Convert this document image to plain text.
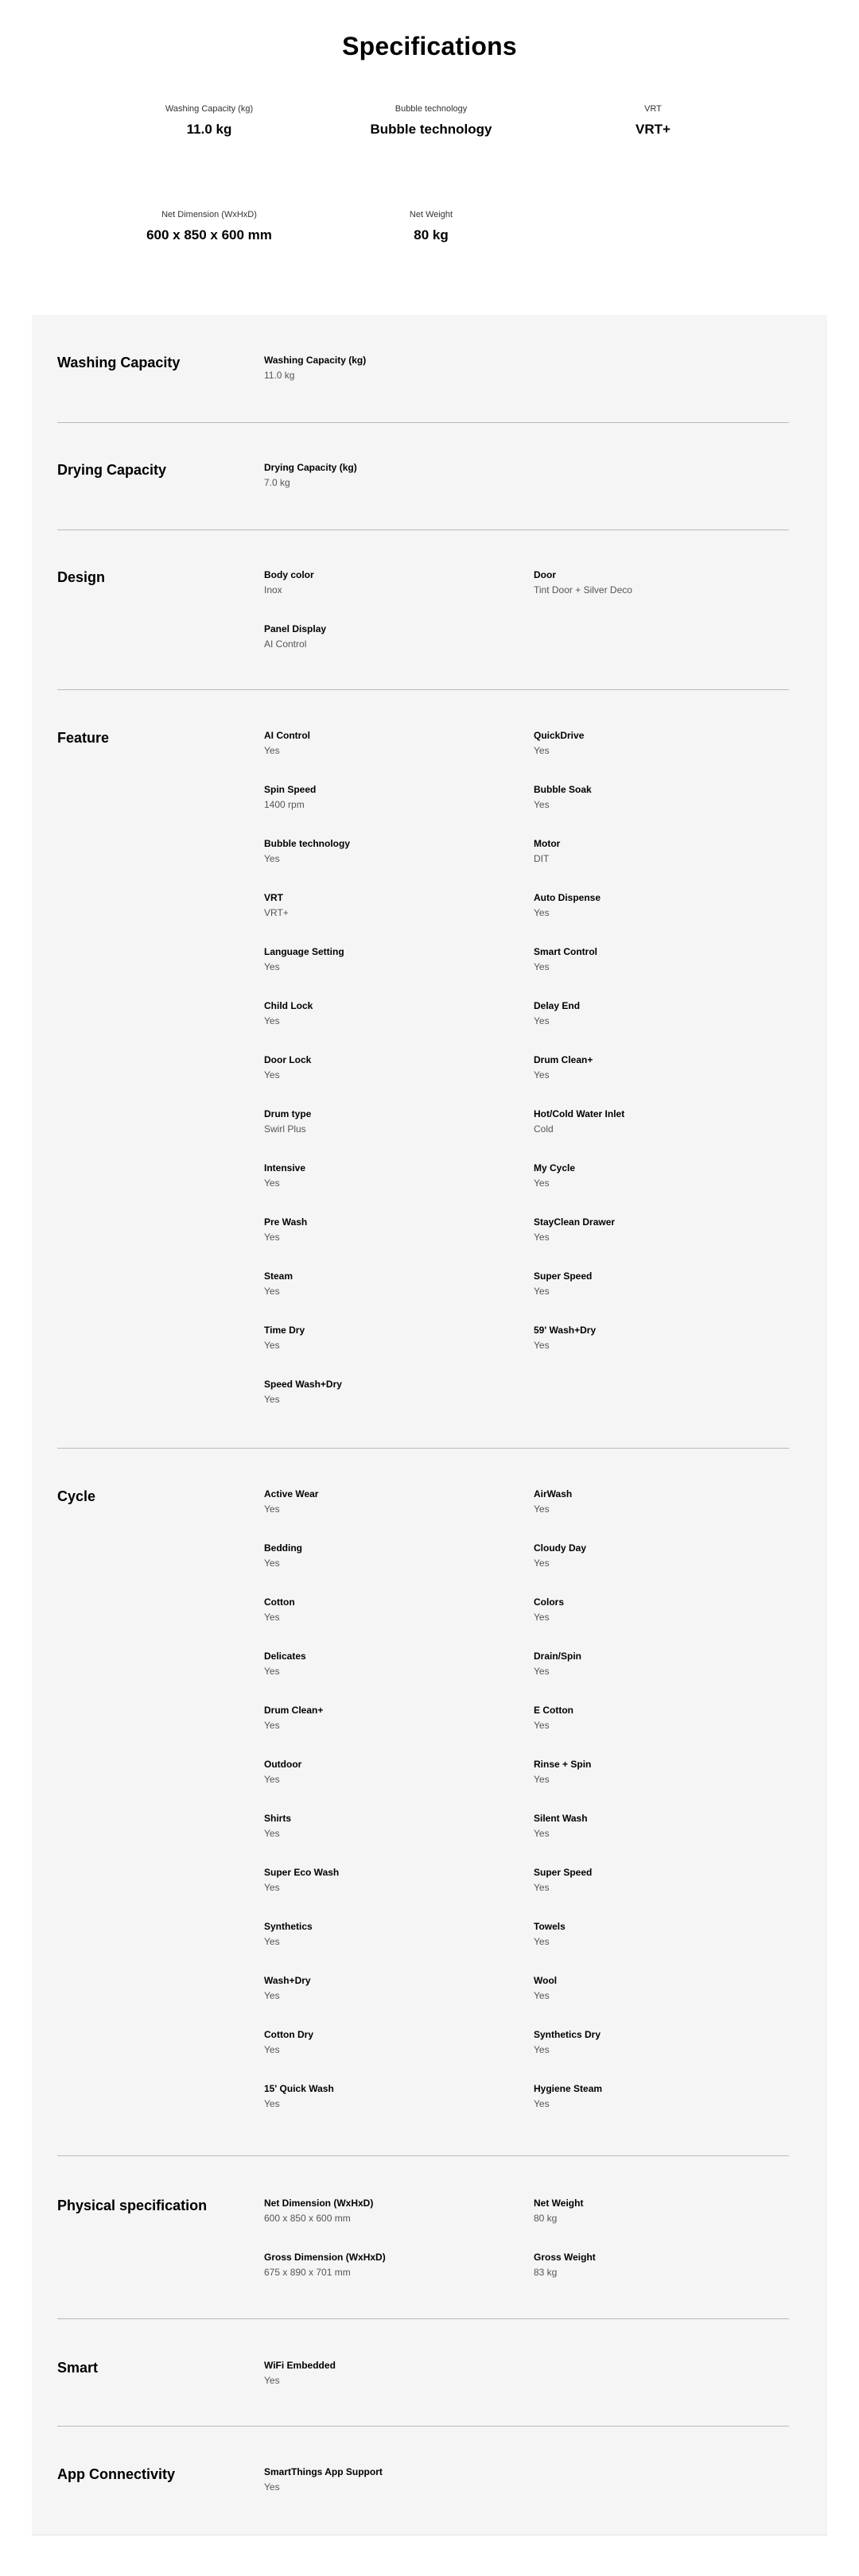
Specifications
Washing Capacity (kg)
11.0 kg
Bubble technology
Bubble technology
VRT
VRT+
Net Dimension (WxHxD)
600 x 850 x 600 mm
Net Weight
80 kg
Washing Capacity	Washing Capacity (kg)
11.0 kg
Drying Capacity	Drying Capacity (kg)
7.0 kg
Design	Body color
Inox
Door
Tint Door + Silver Deco
Panel Display
AI Control
Feature	AI Control
Yes
QuickDrive
Yes
Spin Speed
1400 rpm
Bubble Soak
Yes
Bubble technology
Yes
Motor
DIT
VRT
VRT+
Auto Dispense
Yes
Language Setting
Yes
Smart Control
Yes
Child Lock
Yes
Delay End
Yes
Door Lock
Yes
Drum Clean+
Yes
Drum type
Swirl Plus
Hot/Cold Water Inlet
Cold
Intensive
Yes
My Cycle
Yes
Pre Wash
Yes
StayClean Drawer
Yes
Steam
Yes
Super Speed
Yes
Time Dry
Yes
59' Wash+Dry
Yes
Speed Wash+Dry
Yes
Cycle	Active Wear
Yes
AirWash
Yes
Bedding
Yes
Cloudy Day
Yes
Cotton
Yes
Colors
Yes
Delicates
Yes
Drain/Spin
Yes
Drum Clean+
Yes
E Cotton
Yes
Outdoor
Yes
Rinse + Spin
Yes
Shirts
Yes
Silent Wash
Yes
Super Eco Wash
Yes
Super Speed
Yes
Synthetics
Yes
Towels
Yes
Wash+Dry
Yes
Wool
Yes
Cotton Dry
Yes
Synthetics Dry
Yes
15' Quick Wash
Yes
Hygiene Steam
Yes
Physical specification	Net Dimension (WxHxD)
600 x 850 x 600 mm
Net Weight
80 kg
Gross Dimension (WxHxD)
675 x 890 x 701 mm
Gross Weight
83 kg
Smart	WiFi Embedded
Yes
App Connectivity	SmartThings App Support
Yes
